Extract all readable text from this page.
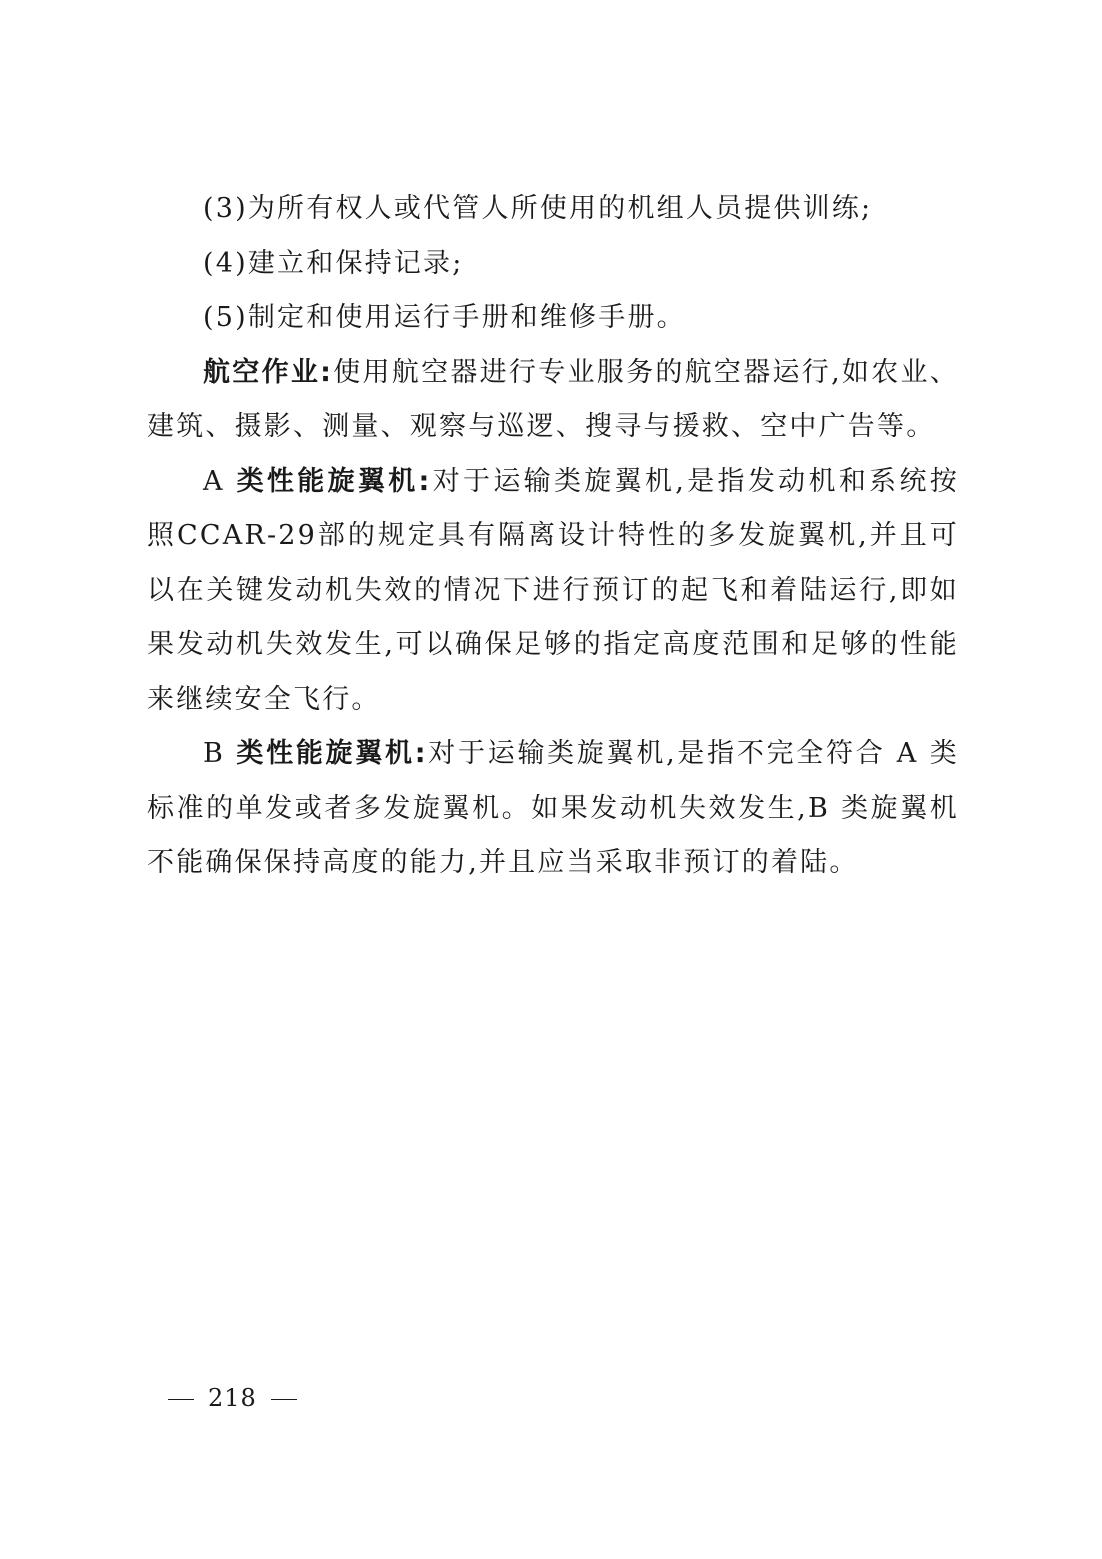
(3)为所有权人或代管人所使用的机组人员提供训练;

(4)建立和保持记录;

(5)制定和使用运行手册和维修手册。

航空作业:使用航空器进行专业服务的航空器运行,如农业、建筑、摄影、测量、观察与巡逻、搜寻与援救、空中广告等。

A 类性能旋翼机:对于运输类旋翼机,是指发动机和系统按照CCAR-29部的规定具有隔离设计特性的多发旋翼机,并且可以在关键发动机失效的情况下进行预订的起飞和着陆运行,即如果发动机失效发生,可以确保足够的指定高度范围和足够的性能来继续安全飞行。

B 类性能旋翼机:对于运输类旋翼机,是指不完全符合 A 类标准的单发或者多发旋翼机。如果发动机失效发生,B 类旋翼机不能确保保持高度的能力,并且应当采取非预订的着陆。

218
